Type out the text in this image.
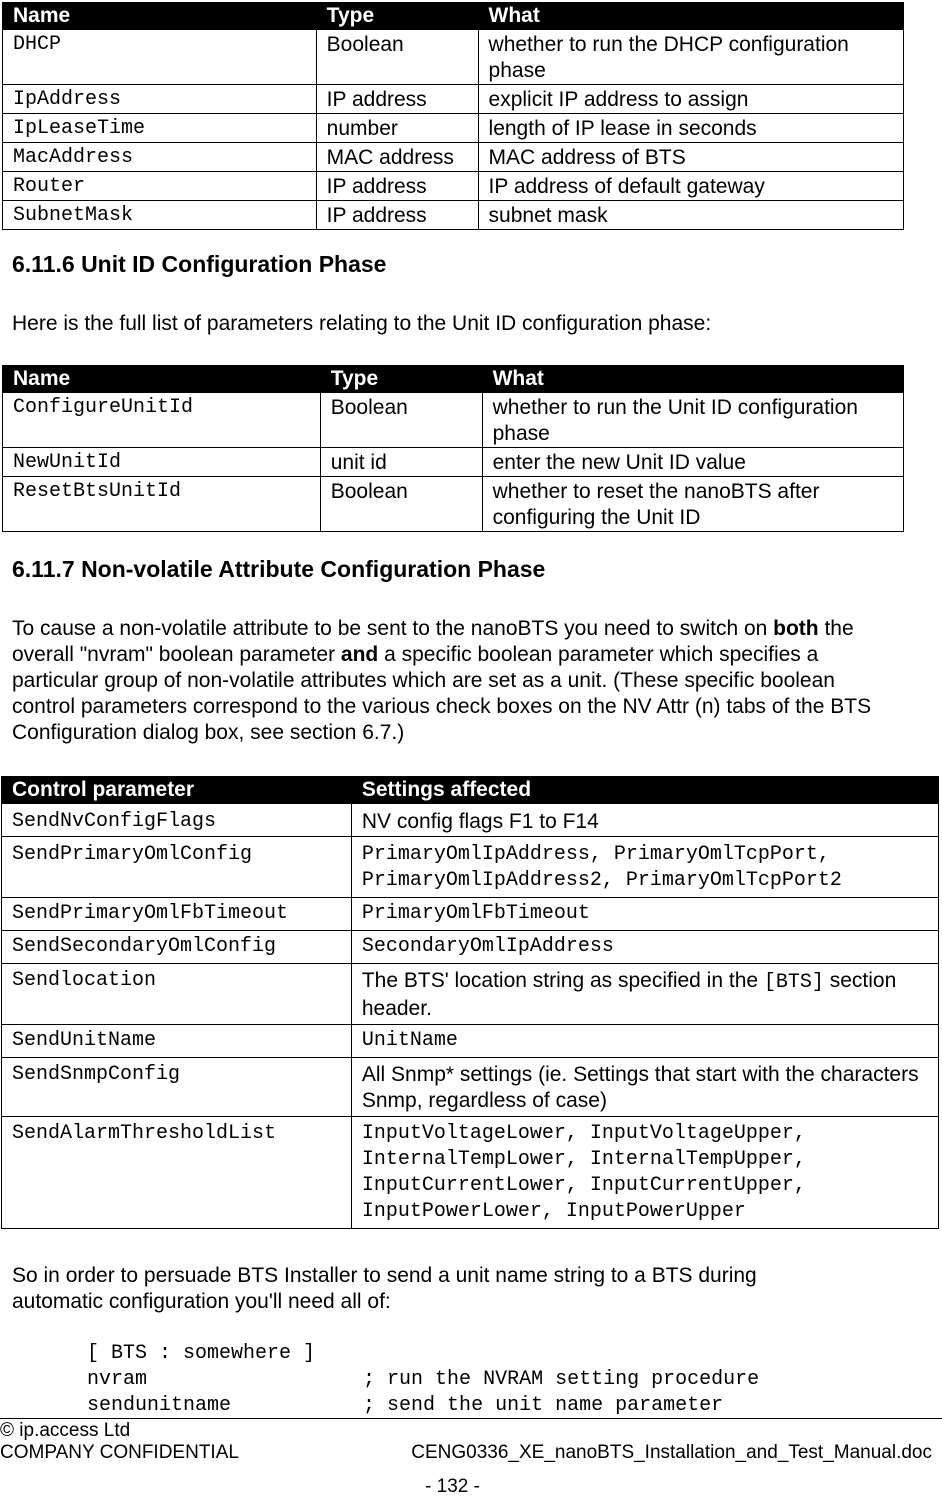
Name	Type	What
DHCP	Boolean	whether to run the DHCP configuration phase
IpAddress	IP address	explicit IP address to assign
IpLeaseTime	number	length of IP lease in seconds
MacAddress	MAC address	MAC address of BTS
Router	IP address	IP address of default gateway
SubnetMask	IP address	subnet mask
6.11.6 Unit ID Configuration Phase
Here is the full list of parameters relating to the Unit ID configuration phase:
Name	Type	What
ConfigureUnitId	Boolean	whether to run the Unit ID configuration phase
NewUnitId	unit id	enter the new Unit ID value
ResetBtsUnitId	Boolean	whether to reset the nanoBTS after configuring the Unit ID
6.11.7 Non-volatile Attribute Configuration Phase
To cause a non-volatile attribute to be sent to the nanoBTS you need to switch on both the overall "nvram" boolean parameter and a specific boolean parameter which specifies a particular group of non-volatile attributes which are set as a unit. (These specific boolean control parameters correspond to the various check boxes on the NV Attr (n) tabs of the BTS Configuration dialog box, see section 6.7.)
Control parameter	Settings affected
SendNvConfigFlags	NV config flags F1 to F14
SendPrimaryOmlConfig	PrimaryOmlIpAddress, PrimaryOmlTcpPort, PrimaryOmlIpAddress2, PrimaryOmlTcpPort2
SendPrimaryOmlFbTimeout	PrimaryOmlFbTimeout
SendSecondaryOmlConfig	SecondaryOmlIpAddress
Sendlocation	The BTS' location string as specified in the [BTS] section header.
SendUnitName	UnitName
SendSnmpConfig	All Snmp* settings (ie. Settings that start with the characters Snmp, regardless of case)
SendAlarmThresholdList	InputVoltageLower, InputVoltageUpper, InternalTempLower, InternalTempUpper, InputCurrentLower, InputCurrentUpper, InputPowerLower, InputPowerUpper
So in order to persuade BTS Installer to send a unit name string to a BTS during automatic configuration you'll need all of:
[ BTS : somewhere ]
nvram                  ; run the NVRAM setting procedure
sendunitname           ; send the unit name parameter
© ip.access Ltd
COMPANY CONFIDENTIAL	CENG0336_XE_nanoBTS_Installation_and_Test_Manual.doc
- 132 -
